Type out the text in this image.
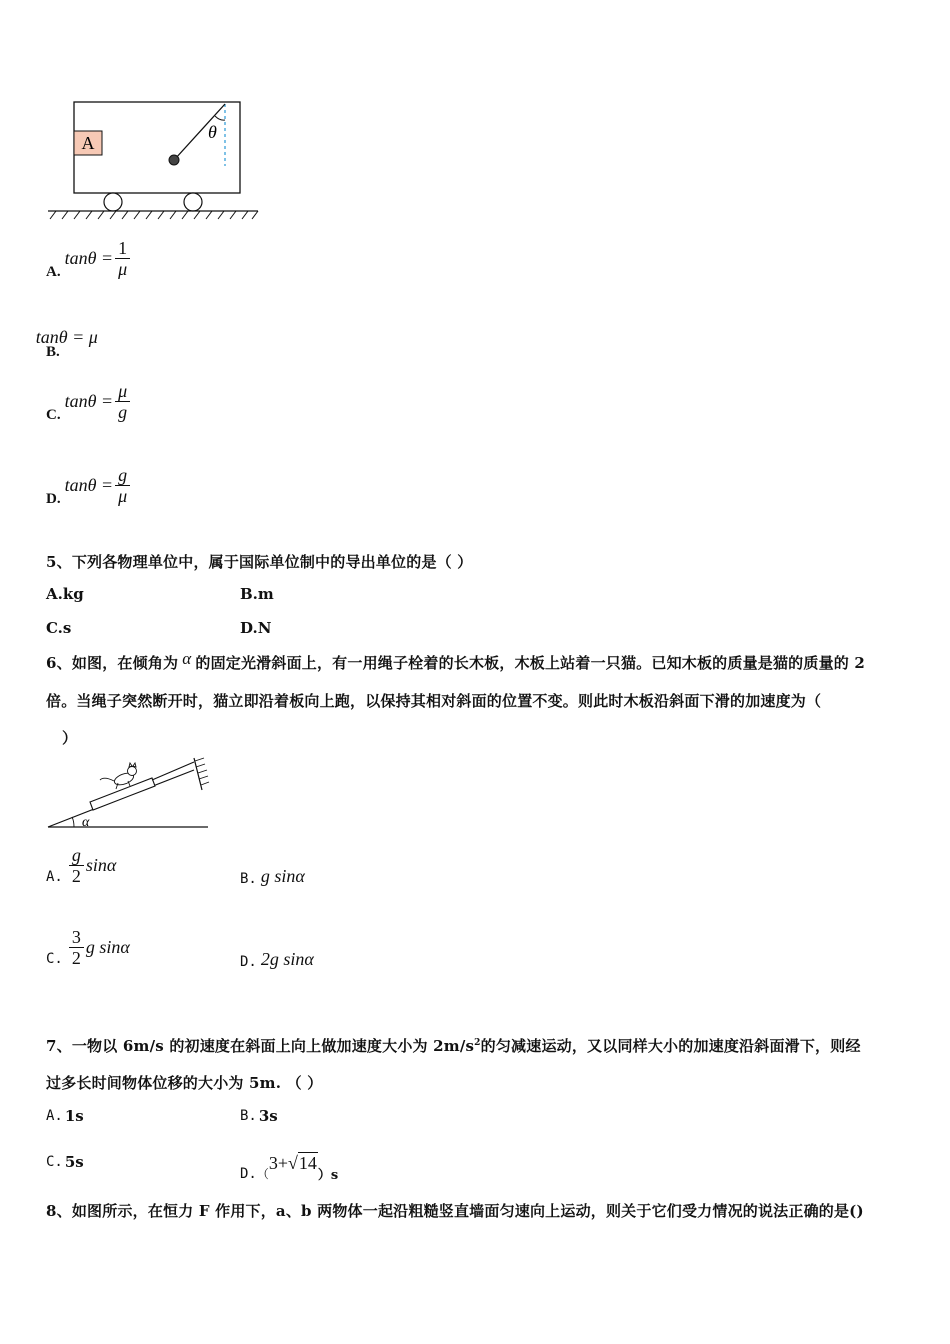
A
θ
A.
$\tan\theta = \frac{1}{\mu}$
B.
tanθ = μ
C.
$\tan\theta = \frac{\mu}{g}$
D.
$\tan\theta = \frac{g}{\mu}$
5、下列各物理单位中，属于国际单位制中的导出单位的是（ ）
A.kg	B.m
C.s	D.N
6、如图，在倾角为 α 的固定光滑斜面上，有一用绳子栓着的长木板，木板上站着一只猫。已知木板的质量是猫的质量的 2
倍。当绳子突然断开时，猫立即沿着板向上跑，以保持其相对斜面的位置不变。则此时木板沿斜面下滑的加速度为（
）
α
A. $\frac{g}{2}$ sinα
B. g sinα
C. $\frac{3}{2}$ g sinα
D. 2g sinα
7、一物以 6m/s 的初速度在斜面上向上做加速度大小为 $2m/s^2$的匀减速运动，又以同样大小的加速度沿斜面滑下，则经
过多长时间物体位移的大小为 5m. （ ）
A. 1s	B. 3s
C. 5s
D. （
3+ √14
）s
8、如图所示，在恒力 F 作用下，a、b 两物体一起沿粗糙竖直墙面匀速向上运动，则关于它们受力情况的说法正确的是()
